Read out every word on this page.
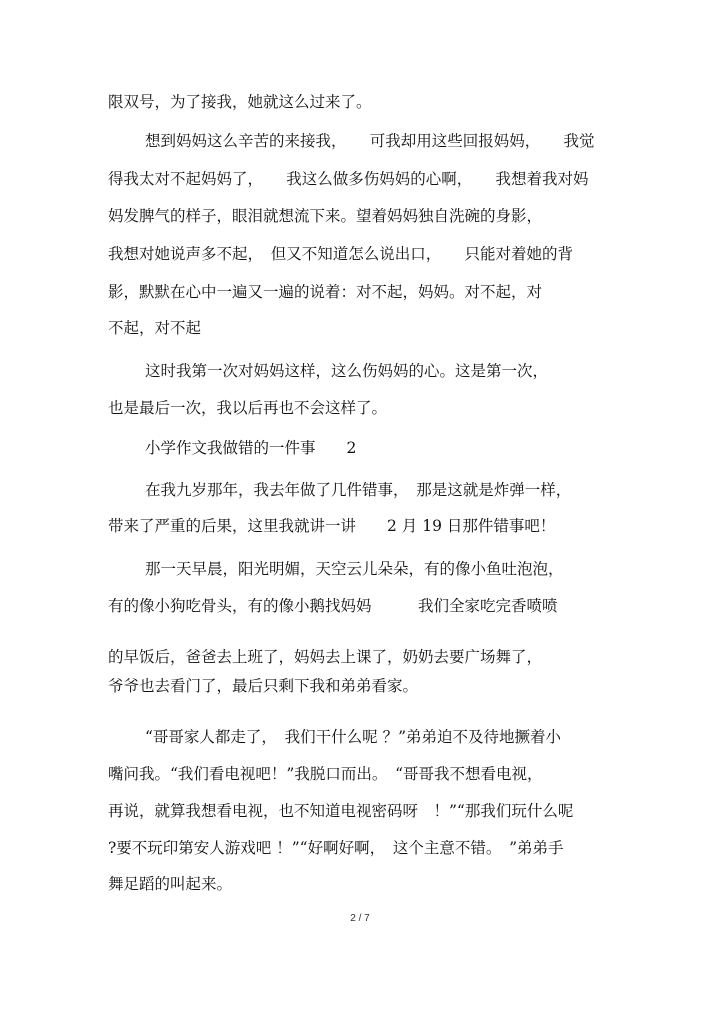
限双号，为了接我，她就这么过来了。

想到妈妈这么辛苦的来接我，　　可我却用这些回报妈妈，　　我觉

得我太对不起妈妈了，　　我这么做多伤妈妈的心啊，　　我想着我对妈

妈发脾气的样子，眼泪就想流下来。望着妈妈独自洗碗的身影，

我想对她说声多不起，　但又不知道怎么说出口，　　只能对着她的背

影，默默在心中一遍又一遍的说着：对不起，妈妈。对不起，对

不起，对不起

这时我第一次对妈妈这样，这么伤妈妈的心。这是第一次，

也是最后一次，我以后再也不会这样了。

小学作文我做错的一件事　　2

在我九岁那年，我去年做了几件错事，　那是这就是炸弹一样，

带来了严重的后果，这里我就讲一讲　　2 月 19 日那件错事吧！

那一天早晨，阳光明媚，天空云儿朵朵，有的像小鱼吐泡泡，

有的像小狗吃骨头，有的像小鹅找妈妈　　　我们全家吃完香喷喷

的早饭后，爸爸去上班了，妈妈去上课了，奶奶去要广场舞了，

爷爷也去看门了，最后只剩下我和弟弟看家。

“哥哥家人都走了，　我们干什么呢 ？”弟弟迫不及待地撅着小

嘴问我。“我们看电视吧！”我脱口而出。　“哥哥我不想看电视，

再说，就算我想看电视，也不知道电视密码呀　！”“那我们玩什么呢

?要不玩印第安人游戏吧 ！”“好啊好啊，　这个主意不错。　”弟弟手

舞足蹈的叫起来。

2 / 7
